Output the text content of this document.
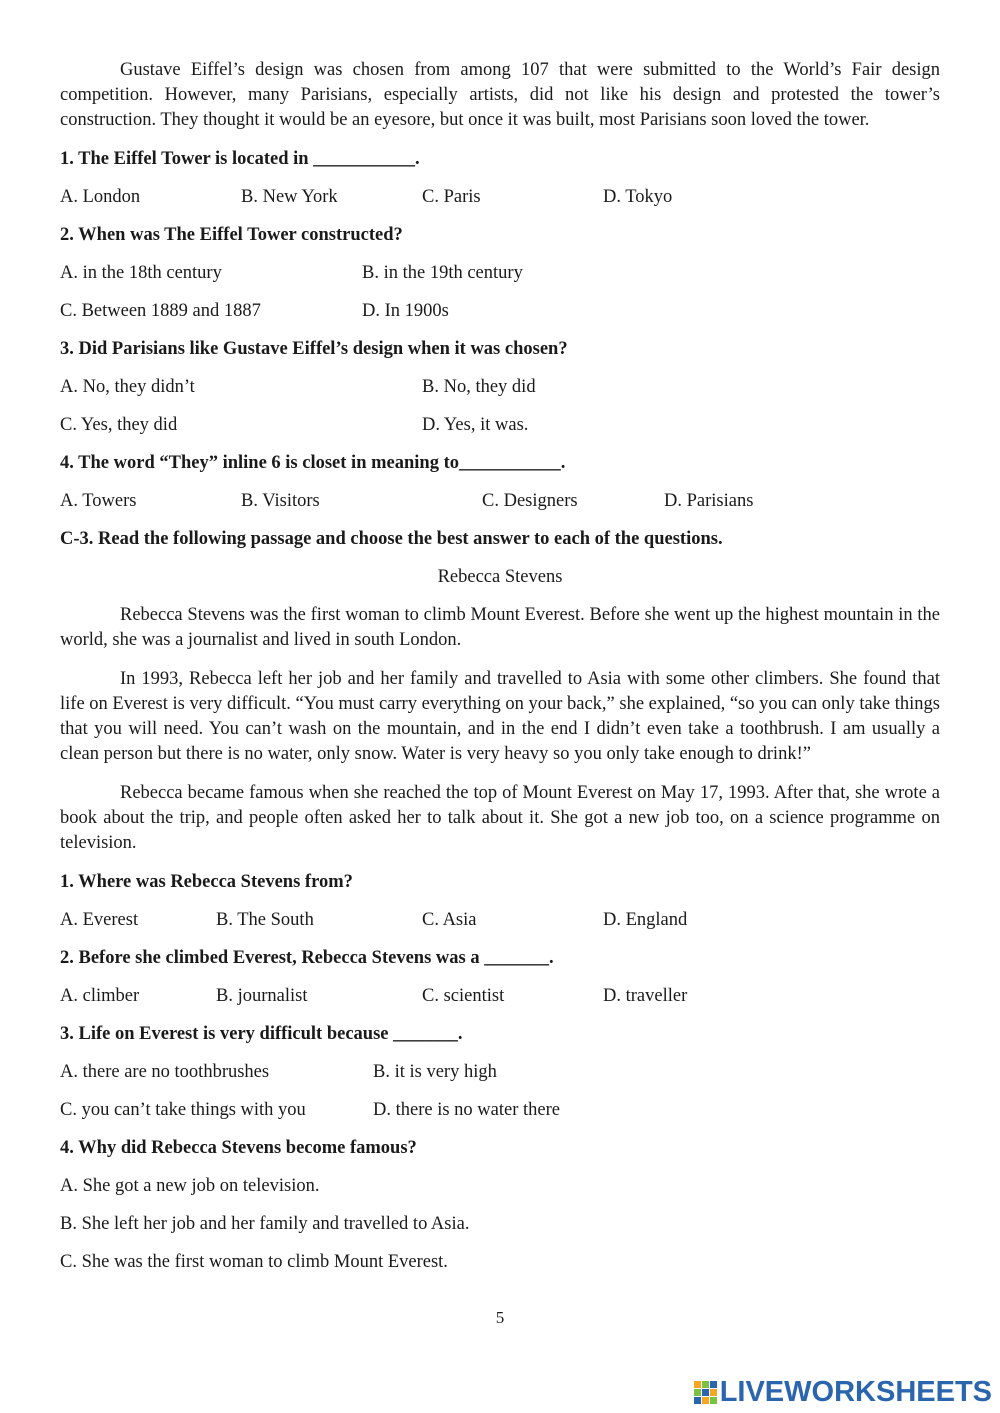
Gustave Eiffel’s design was chosen from among 107 that were submitted to the World’s Fair design competition. However, many Parisians, especially artists, did not like his design and protested the tower’s construction. They thought it would be an eyesore, but once it was built, most Parisians soon loved the tower.

1. The Eiffel Tower is located in ___________.
A. London	B. New York	C. Paris	D. Tokyo
2. When was The Eiffel Tower constructed?
A. in the 18th century	B. in the 19th century
C. Between 1889 and 1887	D. In 1900s
3. Did Parisians like Gustave Eiffel’s design when it was chosen?
A. No, they didn’t	B. No, they did
C. Yes, they did	D. Yes, it was.
4. The word “They” inline 6 is closet in meaning to___________.
A. Towers	B. Visitors	C. Designers	D. Parisians
C-3. Read the following passage and choose the best answer to each of the questions.
Rebecca Stevens

Rebecca Stevens was the first woman to climb Mount Everest. Before she went up the highest mountain in the world, she was a journalist and lived in south London.

In 1993, Rebecca left her job and her family and travelled to Asia with some other climbers. She found that life on Everest is very difficult. “You must carry everything on your back,” she explained, “so you can only take things that you will need. You can’t wash on the mountain, and in the end I didn’t even take a toothbrush. I am usually a clean person but there is no water, only snow. Water is very heavy so you only take enough to drink!”

Rebecca became famous when she reached the top of Mount Everest on May 17, 1993. After that, she wrote a book about the trip, and people often asked her to talk about it. She got a new job too, on a science programme on television.

1. Where was Rebecca Stevens from?
A. Everest	B. The South	C. Asia	D. England
2. Before she climbed Everest, Rebecca Stevens was a _______.
A. climber	B. journalist	C. scientist	D. traveller
3. Life on Everest is very difficult because _______.
A. there are no toothbrushes	B. it is very high
C. you can’t take things with you	D. there is no water there
4. Why did Rebecca Stevens become famous?
A. She got a new job on television.
B. She left her job and her family and travelled to Asia.
C. She was the first woman to climb Mount Everest.
5
LIVE WORKSHEETS
